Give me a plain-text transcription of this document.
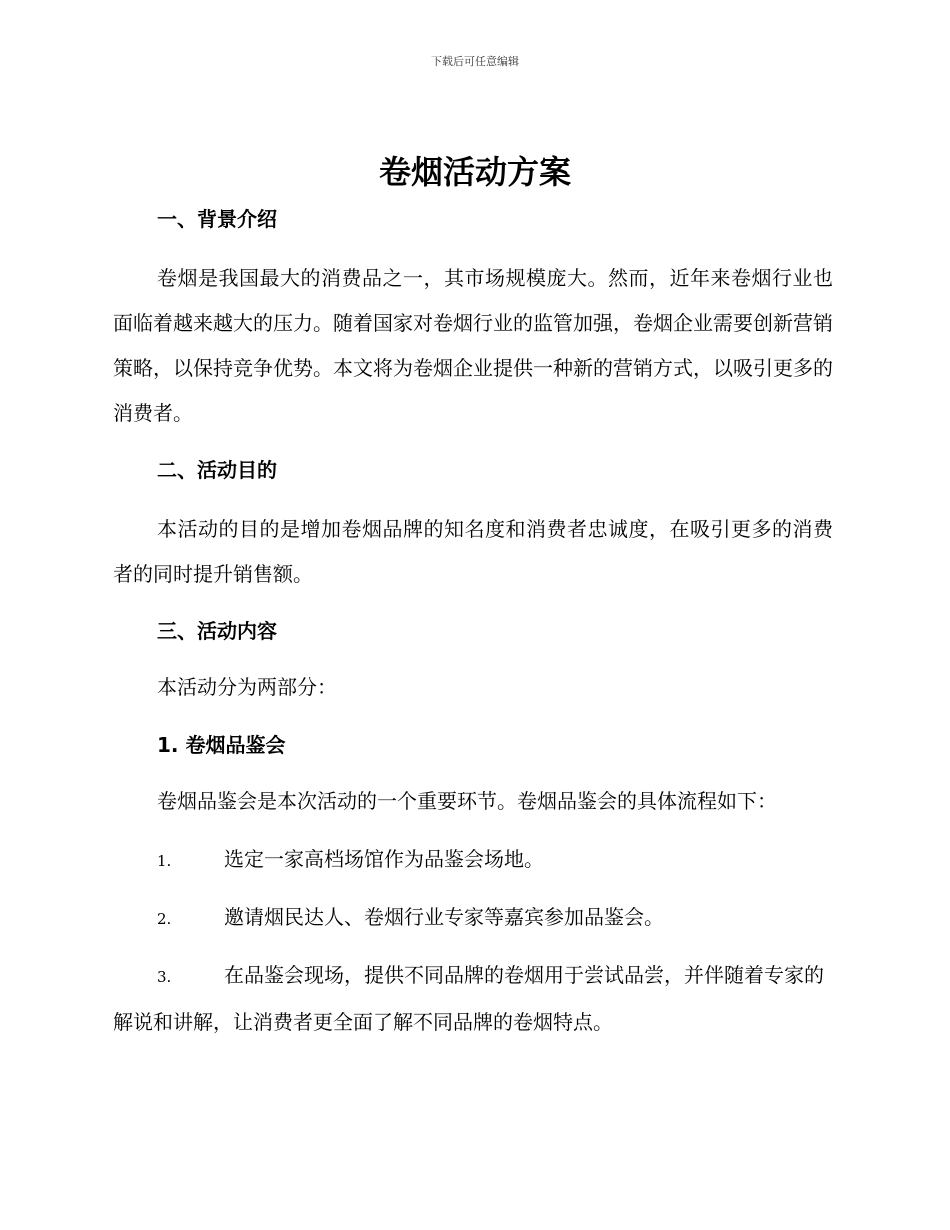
下载后可任意编辑
卷烟活动方案
一、背景介绍

卷烟是我国最大的消费品之一，其市场规模庞大。然而，近年来卷烟行业也面临着越来越大的压力。随着国家对卷烟行业的监管加强，卷烟企业需要创新营销策略，以保持竞争优势。本文将为卷烟企业提供一种新的营销方式，以吸引更多的消费者。

二、活动目的

本活动的目的是增加卷烟品牌的知名度和消费者忠诚度，在吸引更多的消费者的同时提升销售额。

三、活动内容

本活动分为两部分：

1. 卷烟品鉴会

卷烟品鉴会是本次活动的一个重要环节。卷烟品鉴会的具体流程如下：

1.	选定一家高档场馆作为品鉴会场地。

2.	邀请烟民达人、卷烟行业专家等嘉宾参加品鉴会。

3.	在品鉴会现场，提供不同品牌的卷烟用于尝试品尝，并伴随着专家的解说和讲解，让消费者更全面了解不同品牌的卷烟特点。
